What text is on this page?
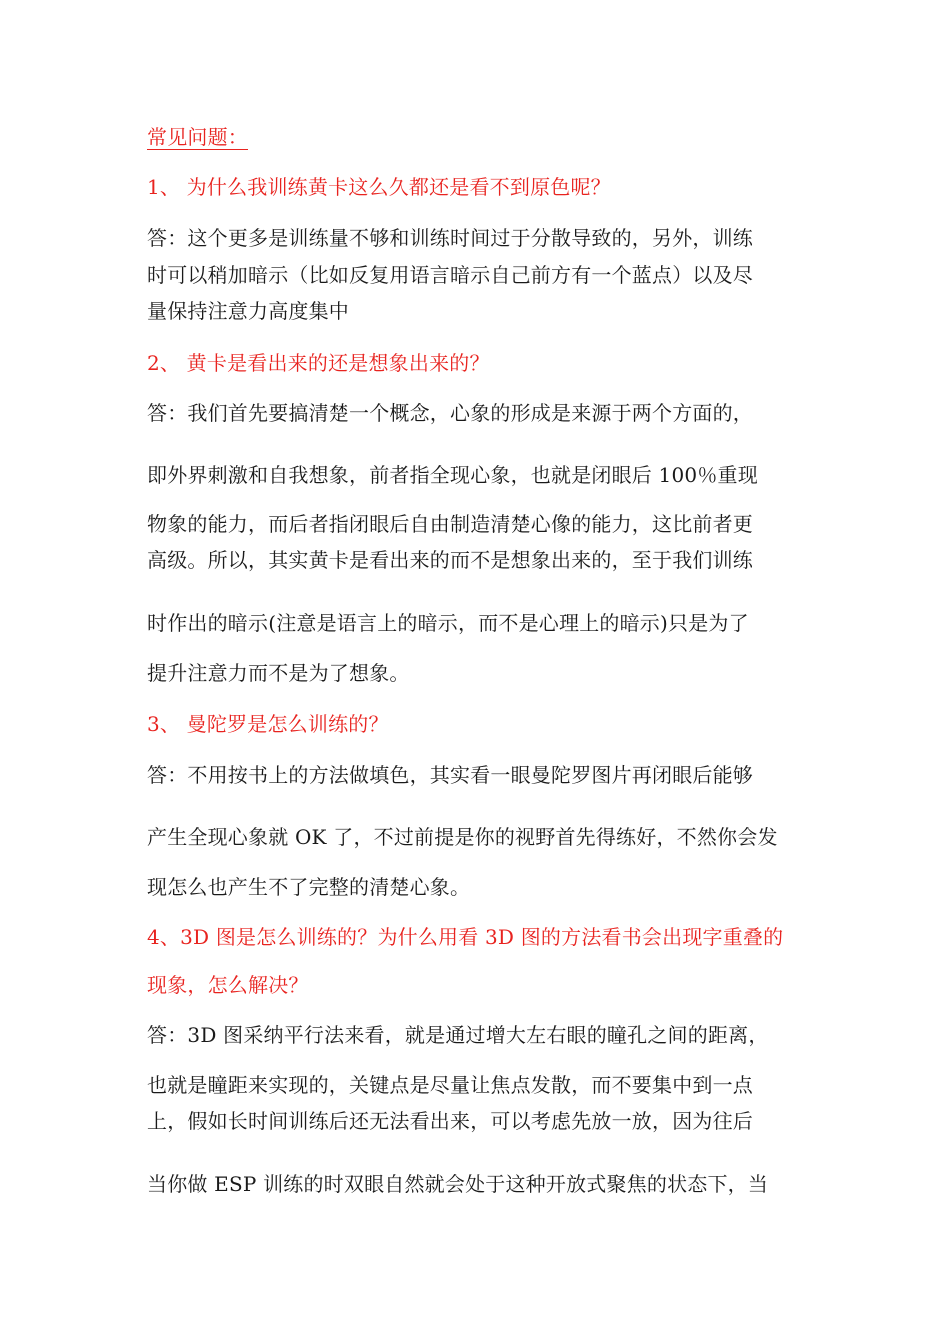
常见问题：
1、 为什么我训练黄卡这么久都还是看不到原色呢？
答：这个更多是训练量不够和训练时间过于分散导致的，另外，训练
时可以稍加暗示（比如反复用语言暗示自己前方有一个蓝点）以及尽
量保持注意力高度集中
2、 黄卡是看出来的还是想象出来的？
答：我们首先要搞清楚一个概念，心象的形成是来源于两个方面的，
即外界刺激和自我想象，前者指全现心象，也就是闭眼后 100％重现
物象的能力，而后者指闭眼后自由制造清楚心像的能力，这比前者更
高级。所以，其实黄卡是看出来的而不是想象出来的，至于我们训练
时作出的暗示(注意是语言上的暗示，而不是心理上的暗示)只是为了
提升注意力而不是为了想象。
3、 曼陀罗是怎么训练的？
答：不用按书上的方法做填色，其实看一眼曼陀罗图片再闭眼后能够
产生全现心象就 OK 了，不过前提是你的视野首先得练好，不然你会发
现怎么也产生不了完整的清楚心象。
4、3D 图是怎么训练的？为什么用看 3D 图的方法看书会出现字重叠的
现象，怎么解决？
答：3D 图采纳平行法来看，就是通过增大左右眼的瞳孔之间的距离，
也就是瞳距来实现的，关键点是尽量让焦点发散，而不要集中到一点
上，假如长时间训练后还无法看出来，可以考虑先放一放，因为往后
当你做 ESP 训练的时双眼自然就会处于这种开放式聚焦的状态下，当
